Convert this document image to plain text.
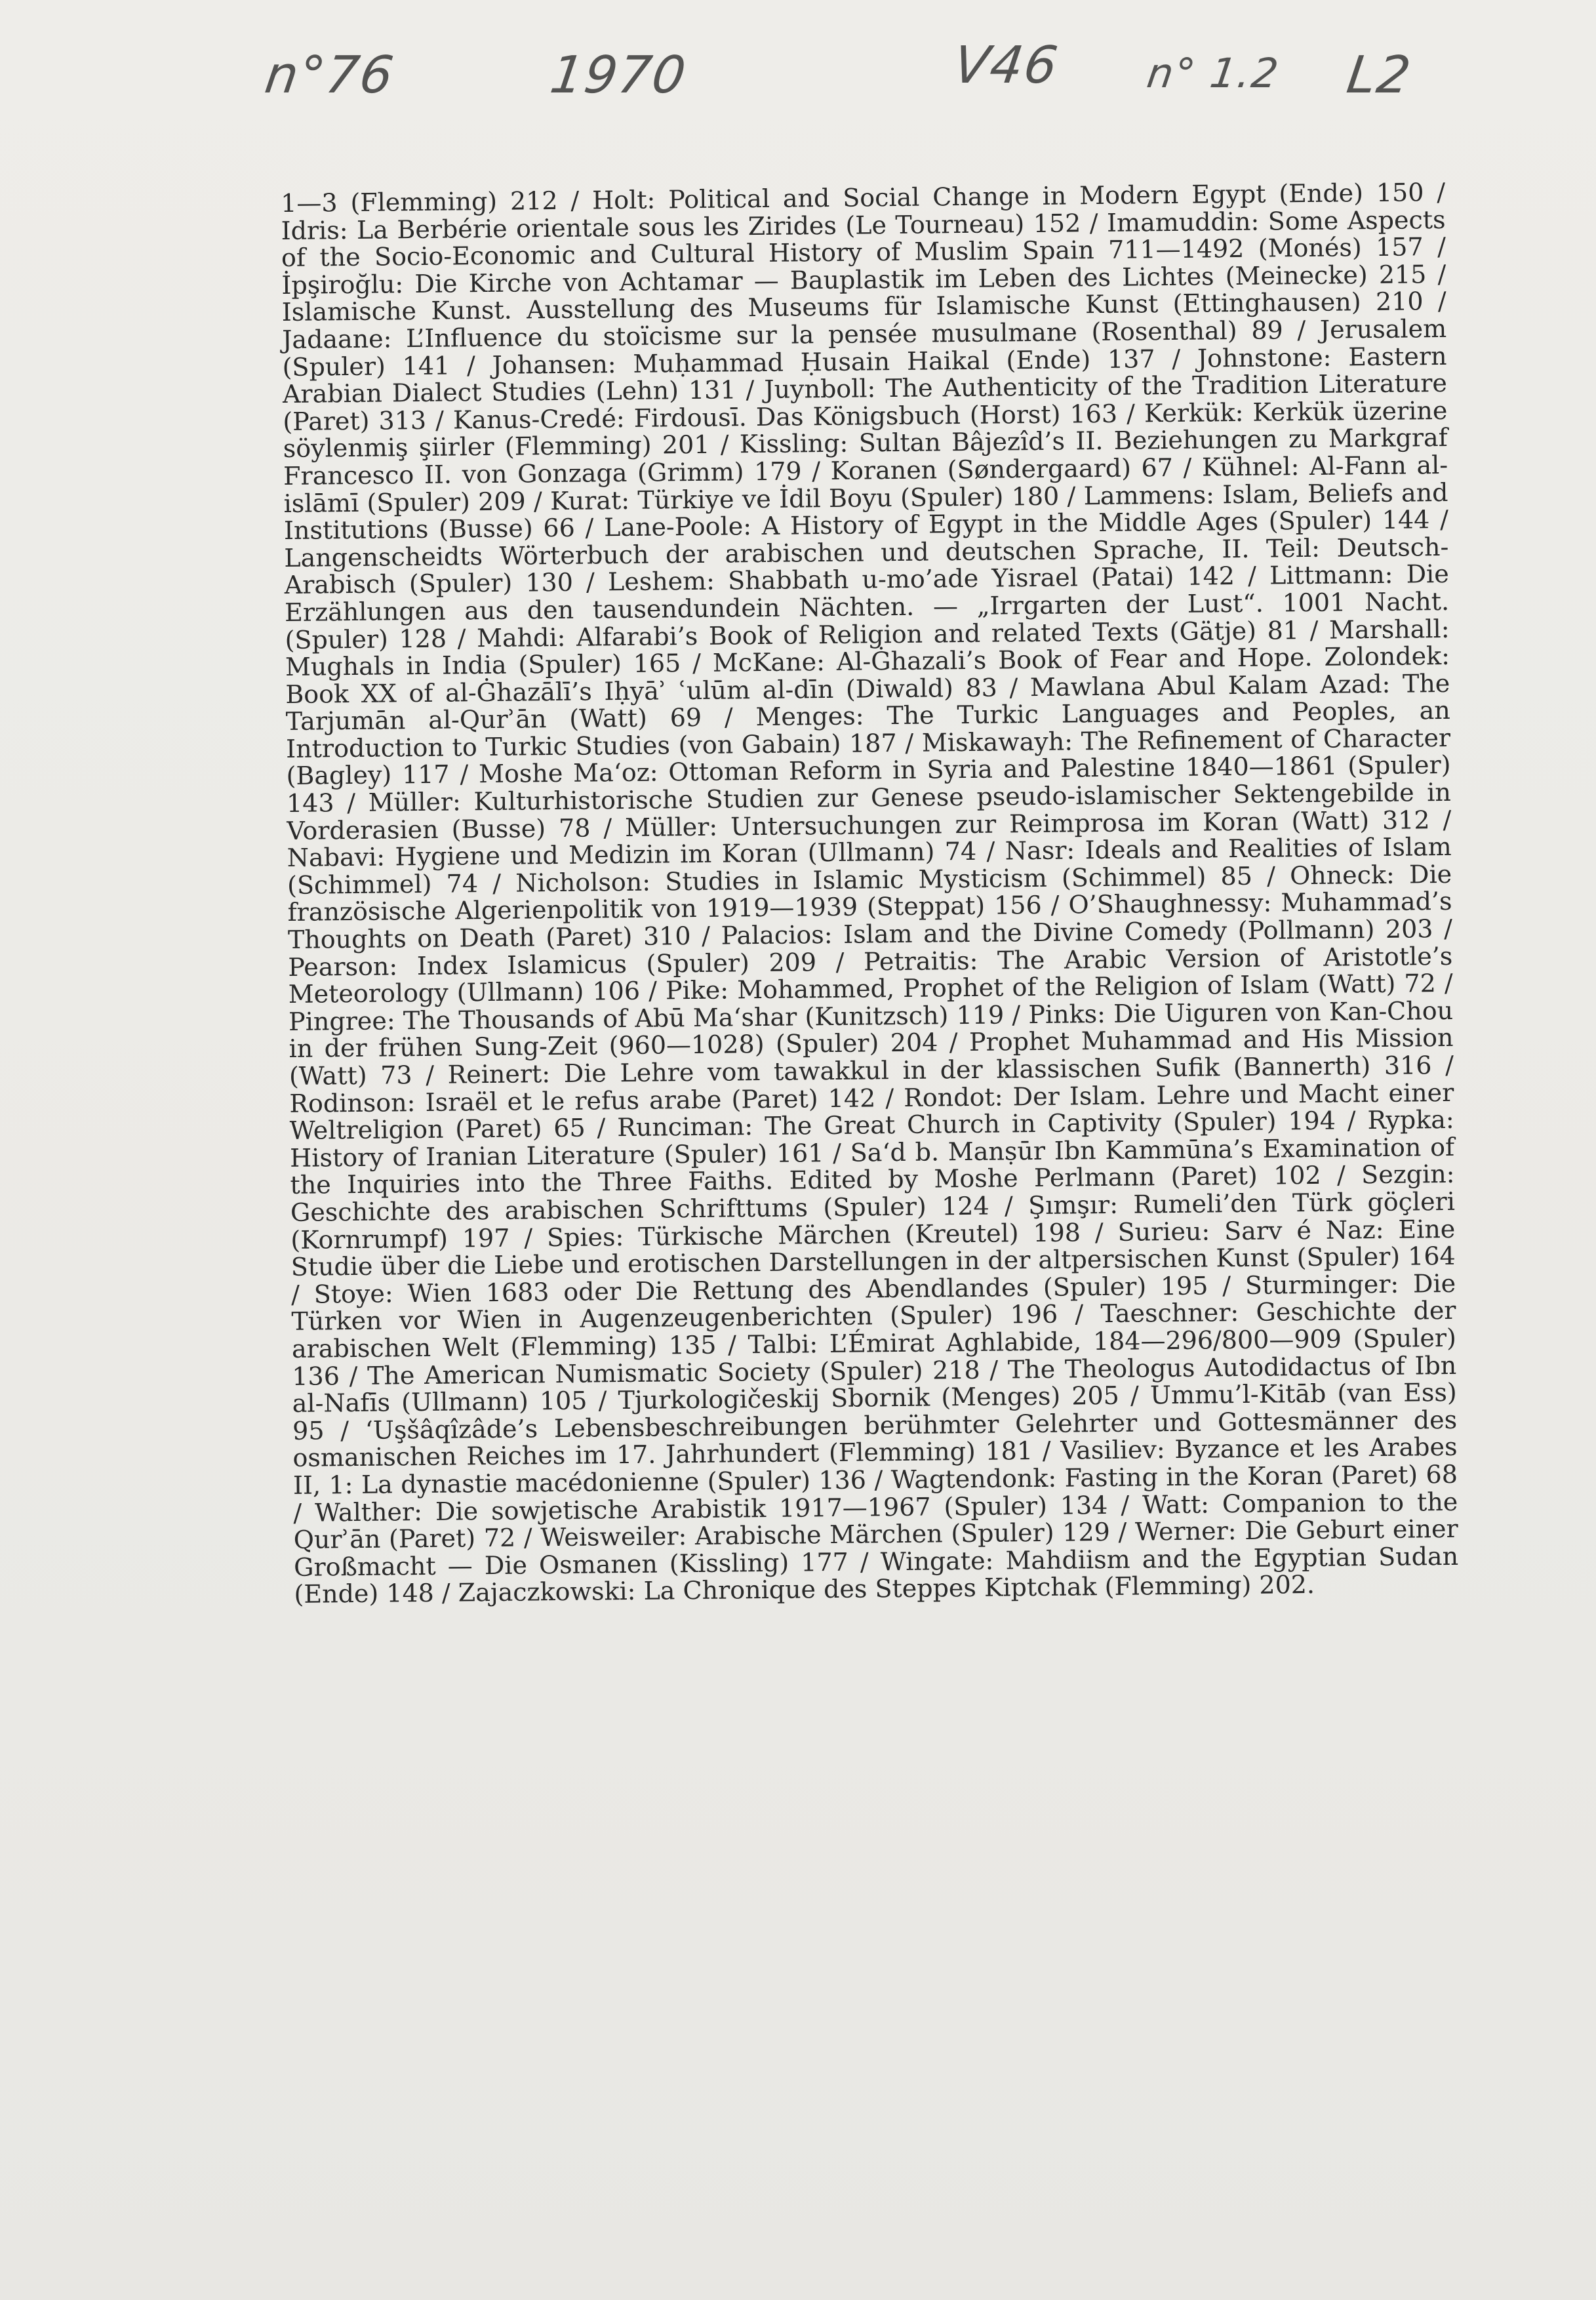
n°76	1970	V46 n° 1.2 L2
1—3 (Flemming) 212 / Holt: Political and Social Change in Modern Egypt (Ende) 150 / Idris: La Berbérie orientale sous les Zirides (Le Tourneau) 152 / Imamuddin: Some Aspects of the Socio-Economic and Cultural History of Muslim Spain 711—1492 (Monés) 157 / İpşiroğlu: Die Kirche von Achtamar — Bauplastik im Leben des Lichtes (Meinecke) 215 / Islamische Kunst. Ausstellung des Museums für Islamische Kunst (Ettinghausen) 210 / Jadaane: L’Influence du stoïcisme sur la pensée musulmane (Rosenthal) 89 / Jerusalem (Spuler) 141 / Johansen: Muḥammad Ḥusain Haikal (Ende) 137 / Johnstone: Eastern Arabian Dialect Studies (Lehn) 131 / Juynboll: The Authenticity of the Tradition Literature (Paret) 313 / Kanus-Credé: Firdousī. Das Königsbuch (Horst) 163 / Kerkük: Kerkük üzerine söylenmiş şiirler (Flemming) 201 / Kissling: Sultan Bâjezîd’s II. Beziehungen zu Markgraf Francesco II. von Gonzaga (Grimm) 179 / Koranen (Søndergaard) 67 / Kühnel: Al-Fann al-islāmī (Spuler) 209 / Kurat: Türkiye ve İdil Boyu (Spuler) 180 / Lammens: Islam, Beliefs and Institutions (Busse) 66 / Lane-Poole: A History of Egypt in the Middle Ages (Spuler) 144 / Langenscheidts Wörterbuch der arabischen und deutschen Sprache, II. Teil: Deutsch-Arabisch (Spuler) 130 / Leshem: Shabbath u-mo’ade Yisrael (Patai) 142 / Littmann: Die Erzählungen aus den tausendundein Nächten. — „Irrgarten der Lust“. 1001 Nacht. (Spuler) 128 / Mahdi: Alfarabi’s Book of Religion and related Texts (Gätje) 81 / Marshall: Mughals in India (Spuler) 165 / McKane: Al-Ġhazali’s Book of Fear and Hope. Zolondek: Book XX of al-Ġhazālī’s Iḥyāʾ ʿulūm al-dīn (Diwald) 83 / Mawlana Abul Kalam Azad: The Tarjumān al-Qurʾān (Watt) 69 / Menges: The Turkic Languages and Peoples, an Introduction to Turkic Studies (von Gabain) 187 / Miskawayh: The Refinement of Character (Bagley) 117 / Moshe Ma‘oz: Ottoman Reform in Syria and Palestine 1840—1861 (Spuler) 143 / Müller: Kulturhistorische Studien zur Genese pseudo-islamischer Sektengebilde in Vorderasien (Busse) 78 / Müller: Untersuchungen zur Reimprosa im Koran (Watt) 312 / Nabavi: Hygiene und Medizin im Koran (Ullmann) 74 / Nasr: Ideals and Realities of Islam (Schimmel) 74 / Nicholson: Studies in Islamic Mysticism (Schimmel) 85 / Ohneck: Die französische Algerienpolitik von 1919—1939 (Steppat) 156 / O’Shaughnessy: Muhammad’s Thoughts on Death (Paret) 310 / Palacios: Islam and the Divine Comedy (Pollmann) 203 / Pearson: Index Islamicus (Spuler) 209 / Petraitis: The Arabic Version of Aristotle’s Meteorology (Ullmann) 106 / Pike: Mohammed, Prophet of the Religion of Islam (Watt) 72 / Pingree: The Thousands of Abū Ma‘shar (Kunitzsch) 119 / Pinks: Die Uiguren von Kan-Chou in der frühen Sung-Zeit (960—1028) (Spuler) 204 / Prophet Muhammad and His Mission (Watt) 73 / Reinert: Die Lehre vom tawakkul in der klassischen Sufik (Bannerth) 316 / Rodinson: Israël et le refus arabe (Paret) 142 / Rondot: Der Islam. Lehre und Macht einer Weltreligion (Paret) 65 / Runciman: The Great Church in Captivity (Spuler) 194 / Rypka: History of Iranian Literature (Spuler) 161 / Sa‘d b. Manṣūr Ibn Kammūna’s Examination of the Inquiries into the Three Faiths. Edited by Moshe Perlmann (Paret) 102 / Sezgin: Geschichte des arabischen Schrifttums (Spuler) 124 / Şımşır: Rumeli’den Türk göçleri (Kornrumpf) 197 / Spies: Türkische Märchen (Kreutel) 198 / Surieu: Sarv é Naz: Eine Studie über die Liebe und erotischen Darstellungen in der altpersischen Kunst (Spuler) 164 / Stoye: Wien 1683 oder Die Rettung des Abendlandes (Spuler) 195 / Sturminger: Die Türken vor Wien in Augenzeugenberichten (Spuler) 196 / Taeschner: Geschichte der arabischen Welt (Flemming) 135 / Talbi: L’Émirat Aghlabide, 184—296/800—909 (Spuler) 136 / The American Numismatic Society (Spuler) 218 / The Theologus Autodidactus of Ibn al-Nafīs (Ullmann) 105 / Tjurkologičeskij Sbornik (Menges) 205 / Ummu’l-Kitāb (van Ess) 95 / ‘Uşšâqîzâde’s Lebensbeschreibungen berühmter Gelehrter und Gottesmänner des osmanischen Reiches im 17. Jahrhundert (Flemming) 181 / Vasiliev: Byzance et les Arabes II, 1: La dynastie macédonienne (Spuler) 136 / Wagtendonk: Fasting in the Koran (Paret) 68 / Walther: Die sowjetische Arabistik 1917—1967 (Spuler) 134 / Watt: Companion to the Qurʾān (Paret) 72 / Weisweiler: Arabische Märchen (Spuler) 129 / Werner: Die Geburt einer Großmacht — Die Osmanen (Kissling) 177 / Wingate: Mahdiism and the Egyptian Sudan (Ende) 148 / Zajaczkowski: La Chronique des Steppes Kiptchak (Flemming) 202.
